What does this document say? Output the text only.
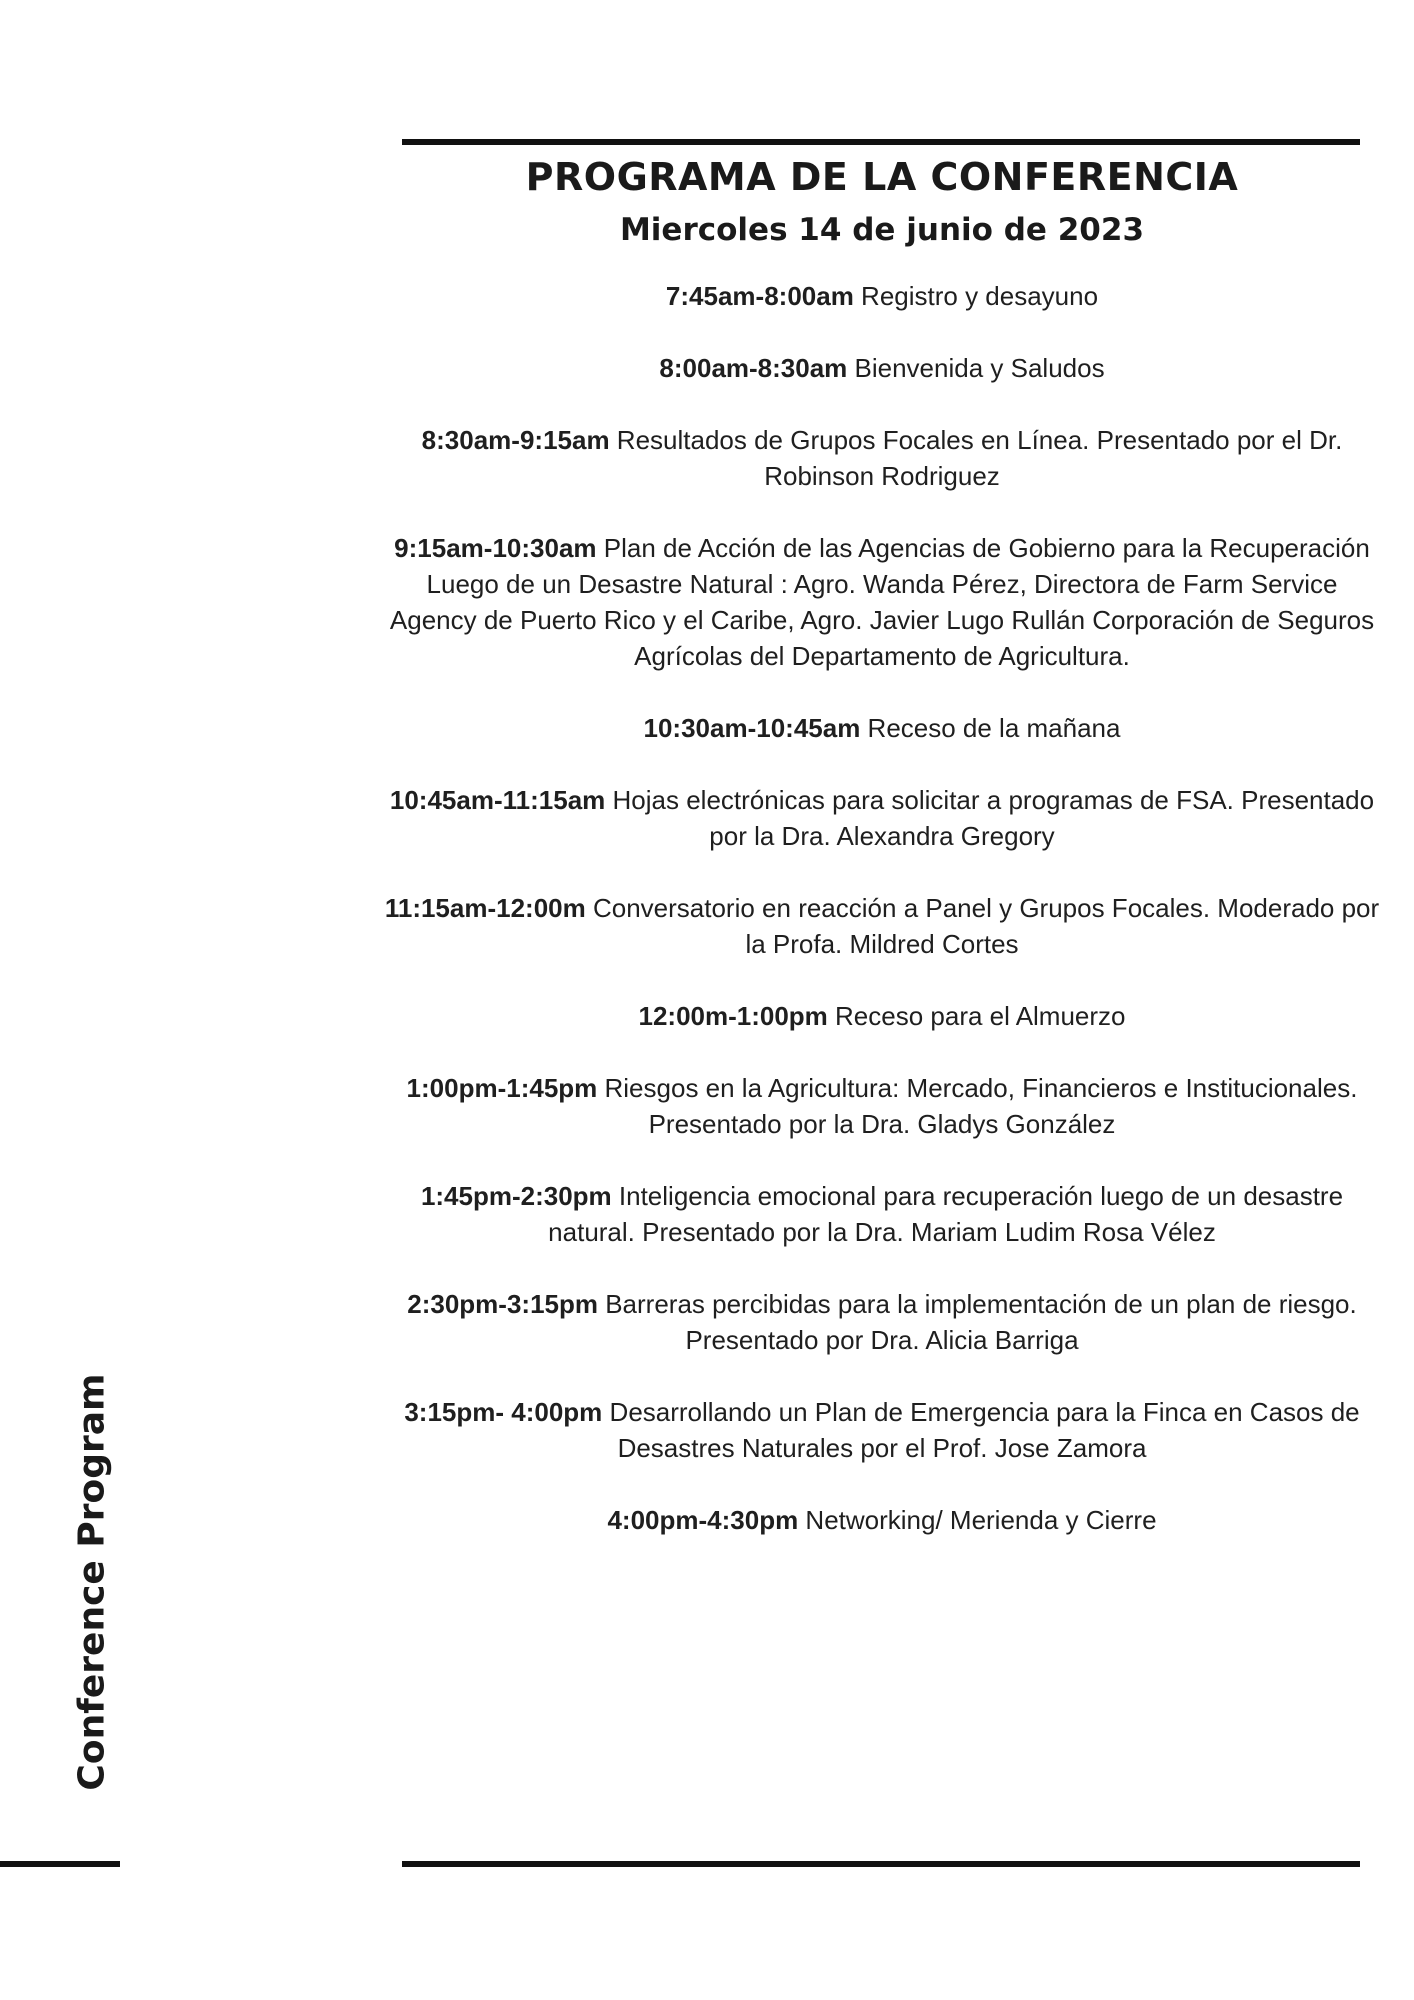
PROGRAMA DE LA CONFERENCIA
Miercoles 14 de junio de 2023

7:45am-8:00am Registro y desayuno

8:00am-8:30am Bienvenida y Saludos

8:30am-9:15am Resultados de Grupos Focales en Línea. Presentado por el Dr. Robinson Rodriguez

9:15am-10:30am Plan de Acción de las Agencias de Gobierno para la Recuperación Luego de un Desastre Natural : Agro. Wanda Pérez, Directora de Farm Service Agency de Puerto Rico y el Caribe, Agro. Javier Lugo Rullán Corporación de Seguros Agrícolas del Departamento de Agricultura.

10:30am-10:45am Receso de la mañana

10:45am-11:15am Hojas electrónicas para solicitar a programas de FSA. Presentado por la Dra. Alexandra Gregory

11:15am-12:00m Conversatorio en reacción a Panel y Grupos Focales. Moderado por la Profa. Mildred Cortes

12:00m-1:00pm Receso para el Almuerzo

1:00pm-1:45pm Riesgos en la Agricultura: Mercado, Financieros e Institucionales. Presentado por la Dra. Gladys González

1:45pm-2:30pm Inteligencia emocional para recuperación luego de un desastre natural. Presentado por la Dra. Mariam Ludim Rosa Vélez

2:30pm-3:15pm Barreras percibidas para la implementación de un plan de riesgo. Presentado por Dra. Alicia Barriga

3:15pm- 4:00pm Desarrollando un Plan de Emergencia para la Finca en Casos de Desastres Naturales por el Prof. Jose Zamora

4:00pm-4:30pm Networking/ Merienda y Cierre

Conference Program
